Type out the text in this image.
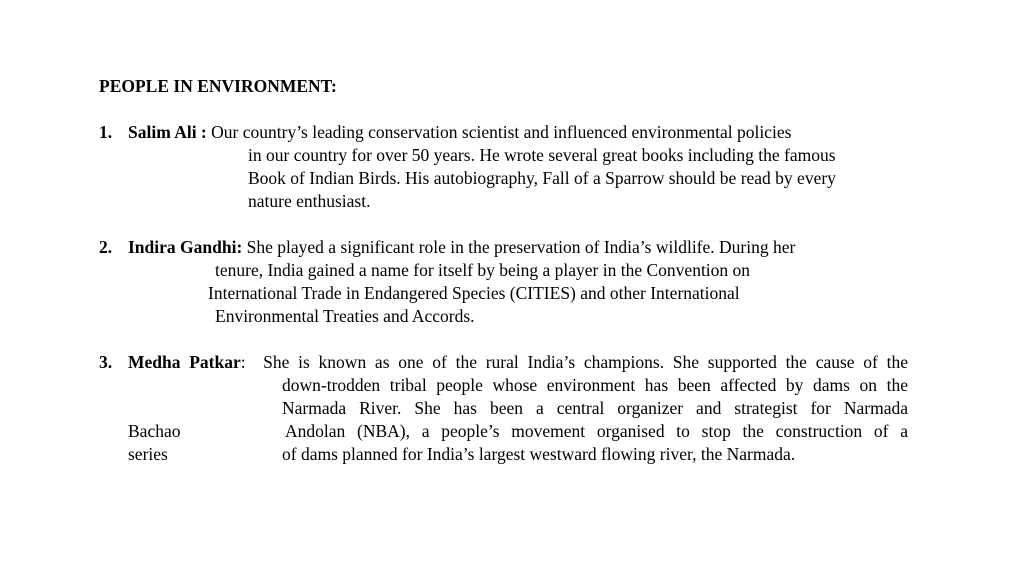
PEOPLE IN ENVIRONMENT:
1. Salim Ali : Our country’s leading conservation scientist and influenced environmental policies
in our country for over 50 years. He wrote several great books including the famous
Book of Indian Birds. His autobiography, Fall of a Sparrow should be read by every
nature enthusiast.
2. Indira Gandhi: She played a significant role in the preservation of India’s wildlife. During her
tenure, India gained a name for itself by being a player in the Convention on
International Trade in Endangered Species (CITIES) and other International
Environmental Treaties and Accords.
3. Medha Patkar: She is known as one of the rural India’s champions. She supported the cause of the
down-trodden tribal people whose environment has been affected by dams on the
Narmada River. She has been a central organizer and strategist for Narmada
Bachao	Andolan (NBA), a people’s movement organised to stop the construction of a
series	of dams planned for India’s largest westward flowing river, the Narmada.
